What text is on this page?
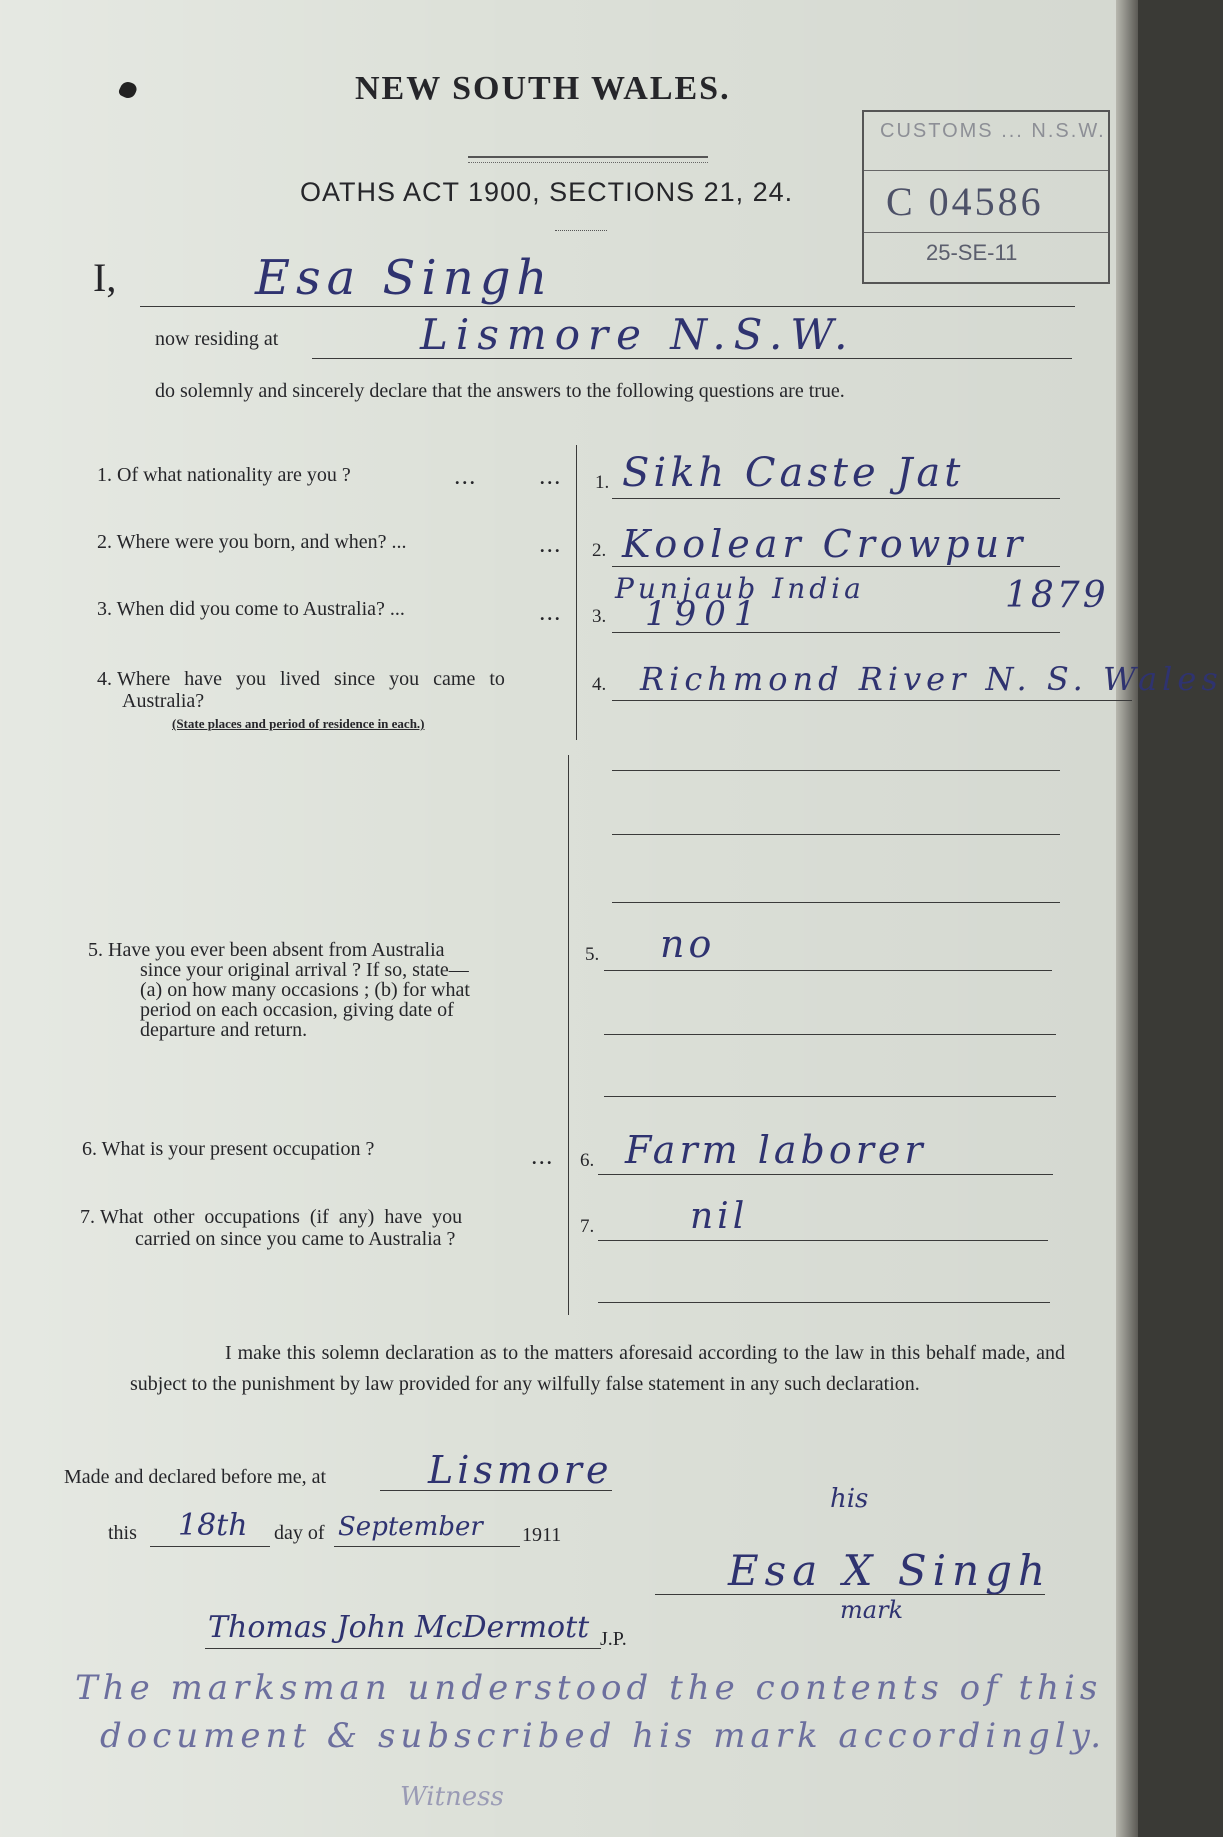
NEW SOUTH WALES.
OATHS ACT 1900, SECTIONS 21, 24.
CUSTOMS ... N.S.W.
C 04586
25-SE-11
I,	Esa Singh
now residing at	Lismore N.S.W.
do solemnly and sincerely declare that the answers to the following questions are true.
1. Of what nationality are you ?	...	... 1. Sikh Caste Jat
2. Where were you born, and when? ...	... 2. Koolear Crowpur
Punjaub India	1879
3. When did you come to Australia? ...	... 3. 1901
4. Where have you lived since you came to
Australia?
(State places and period of residence in each.)
4. Richmond River N. S. Wales
5. Have you ever been absent from Australia
since your original arrival ? If so, state—
(a) on how many occasions ; (b) for what
period on each occasion, giving date of
departure and return.
5. no
6. What is your present occupation ?	... 6. Farm laborer
7. What other occupations (if any) have you
carried on since you came to Australia ?
7.	nil
I make this solemn declaration as to the matters aforesaid according to the law in this behalf made, and subject to the punishment by law provided for any wilfully false statement in any such declaration.
Made and declared before me, at	Lismore
this 18th day of September 1911
his
Esa X Singh
mark
Thomas John McDermott J.P.
The marksman understood the contents of this
document & subscribed his mark accordingly.
Witness
